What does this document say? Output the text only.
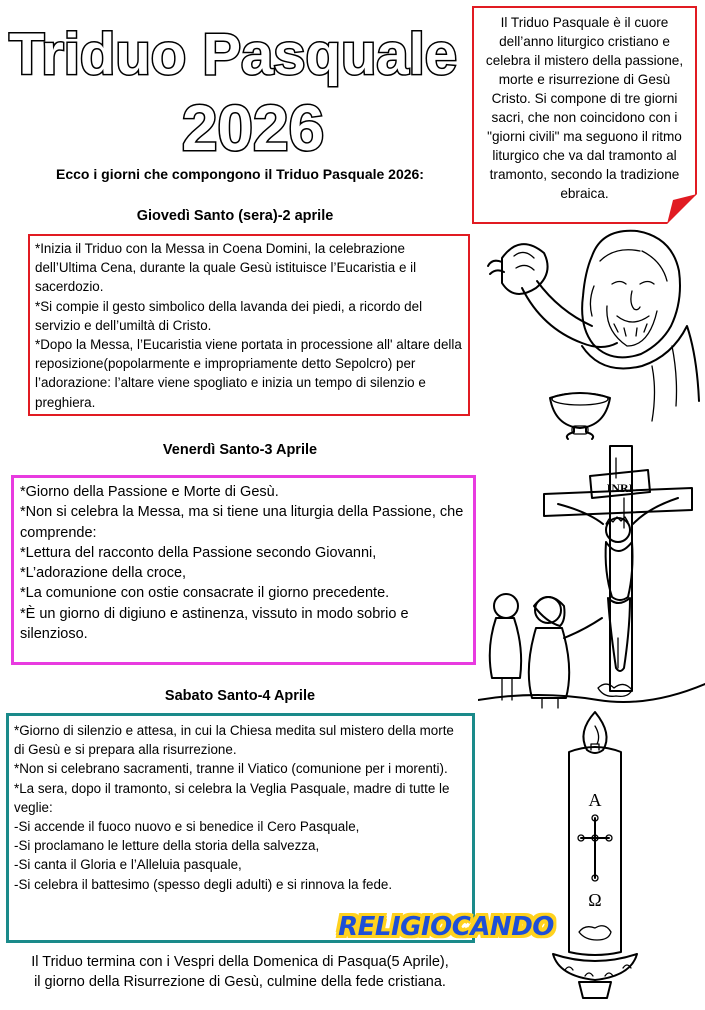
Triduo Pasquale
2026
Il Triduo Pasquale è il cuore dell’anno liturgico cristiano e celebra il mistero della passione, morte e risurrezione di Gesù Cristo. Si compone di tre giorni sacri, che non coincidono con i "giorni civili" ma seguono il ritmo liturgico che va dal tramonto al tramonto, secondo la tradizione ebraica.
Ecco i giorni che compongono il Triduo Pasquale 2026:
Giovedì Santo (sera)-2 aprile

*Inizia il Triduo con la Messa in Coena Domini, la celebrazione dell’Ultima Cena, durante la quale Gesù istituisce l’Eucaristia e il sacerdozio.

*Si compie il gesto simbolico della lavanda dei piedi, a ricordo del servizio e dell’umiltà di Cristo.

*Dopo la Messa, l’Eucaristia viene portata in processione all' altare della reposizione(popolarmente e impropriamente detto Sepolcro) per l’adorazione: l’altare viene spogliato e inizia un tempo di silenzio e preghiera.

Venerdì Santo-3 Aprile

*Giorno della Passione e Morte di Gesù.

*Non si celebra la Messa, ma si tiene una liturgia della Passione, che comprende:

*Lettura del racconto della Passione secondo Giovanni,

*L’adorazione della croce,

*La comunione con ostie consacrate il giorno precedente.

*È un giorno di digiuno e astinenza, vissuto in modo sobrio e silenzioso.

Sabato Santo-4 Aprile

*Giorno di silenzio e attesa, in cui la Chiesa medita sul mistero della morte di Gesù e si prepara alla risurrezione.

*Non si celebrano sacramenti, tranne il Viatico (comunione per i morenti).

*La sera, dopo il tramonto, si celebra la Veglia Pasquale, madre di tutte le veglie:

-Si accende il fuoco nuovo e si benedice il Cero Pasquale,

-Si proclamano le letture della storia della salvezza,

-Si canta il Gloria e l’Alleluia pasquale,

-Si celebra il battesimo (spesso degli adulti) e si rinnova la fede.

INRI
A
Ω
RELIGIOCANDO
Il Triduo termina con i Vespri della Domenica di Pasqua(5 Aprile),
il giorno della Risurrezione di Gesù, culmine della fede cristiana.
